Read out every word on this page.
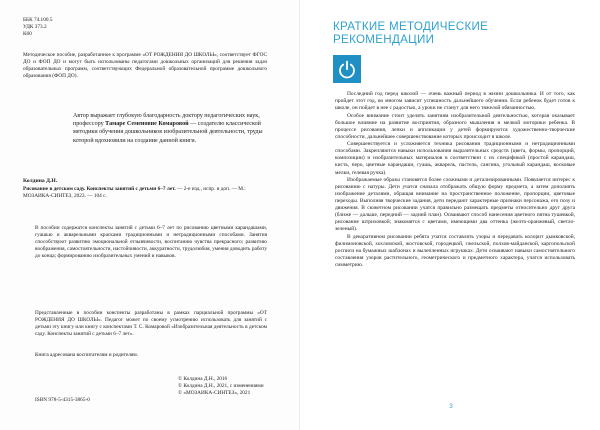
ББК 74.100.5
УДК 373.2
К60
Методическое пособие, разработанное к программе «ОТ РОЖДЕНИЯ ДО ШКОЛЫ», соответствует ФГОС ДО и ФОП ДО и могут быть использованы педагогами дошкольных организаций для решения задач образовательных программ, соответствующих Федеральной образовательной программе дошкольного образования (ФОП ДО).
Автор выражает глубокую благодарность доктору педагогических наук, профессору Тамаре Семеновне Комаровой — создателю классической методики обучения дошкольников изобразительной деятельности, труды которой вдохновили на создание данной книги.
Колдина Д.Н.
Рисование в детском саду. Конспекты занятий с детьми 6–7 лет. — 2-е изд., испр. и доп. — М.: МОЗАИКА-СИНТЕЗ, 2023. — 104 с.
В пособии содержатся конспекты занятий с детьми 6–7 лет по рисованию цветными карандашами, гуашью и акварельными красками традиционными и нетрадиционными способами. Занятия способствуют развитию эмоциональной отзывчивости, воспитанию чувства прекрасного; развитию воображения, самостоятельности, настойчивости, аккуратности, трудолюбия, умения доводить работу до конца; формированию изобразительных умений и навыков.
Представленные в пособии конспекты разработаны в рамках парциальной программы «ОТ РОЖДЕНИЯ ДО ШКОЛЫ». Педагог может по своему усмотрению использовать для занятий с детьми эту книгу или книгу с конспектами Т. С. Комаровой «Изобразительная деятельность в детском саду. Конспекты занятий с детьми 6–7 лет».
Книга адресована воспитателям и родителям.
ISBN 978-5-4315-3865-0
© Колдина Д.Н., 2016
© Колдина Д.Н., 2021, с изменениями
© «МОЗАИКА-СИНТЕЗ», 2021
КРАТКИЕ МЕТОДИЧЕСКИЕ
РЕКОМЕНДАЦИИ

Последний год перед школой — очень важный период в жизни дошкольника. И от того, как пройдет этот год, во многом зависит успешность дальнейшего обучения. Если ребенок будет готов к школе, он пойдет в нее с радостью, а уроки не станут для него тяжелой обязанностью.

Особое внимание стоит уделять занятиям изобразительной деятельностью, которая оказывает большое влияние на развитие восприятия, образного мышления и мелкой моторики ребенка. В процессе рисования, лепки и аппликации у детей формируются художественно-творческие способности, дальнейшее совершенствование которых происходит в школе.

Совершенствуется и усложняется техника рисования традиционными и нетрадиционными способами. Закрепляются навыки использования выразительных средств (цвета, формы, пропорций, композиции) и изобразительных материалов в соответствии с их спецификой (простой карандаш, кисть, перо, цветные карандаши, гуашь, акварель, пастель, сангина, угольный карандаш, восковые мелки, гелевая ручка).

Изображаемые образы становятся более сложными и детализированными. Появляется интерес к рисованию с натуры. Дети учатся сначала отображать общую форму предмета, а затем дополнять изображение деталями, обращая внимание на пространственное положение, пропорции, цветовые переходы. Выполняя творческие задания, дети передают характерные признаки персонажа, его позу и движения. В сюжетном рисовании учатся правильно размещать предметы относительно друг друга (ближе — дальше, передний — задний план). Осваивают способ нанесения цветного пятна тушевкой, рисование штриховкой; знакомятся с цветами, имеющими два оттенка (желто-оранжевый, светло-зеленый).

В декоративном рисовании ребята учатся составлять узоры и передавать колорит дымковской, филимоновской, хохломской, жостовской, городецкой, гжельской, полхов-майданской, каргопольской росписи на бумажных шаблонах и вылепленных игрушках. Дети осваивают навыки самостоятельного составления узоров растительного, геометрического и предметного характера, учатся использовать симметрию.

3
